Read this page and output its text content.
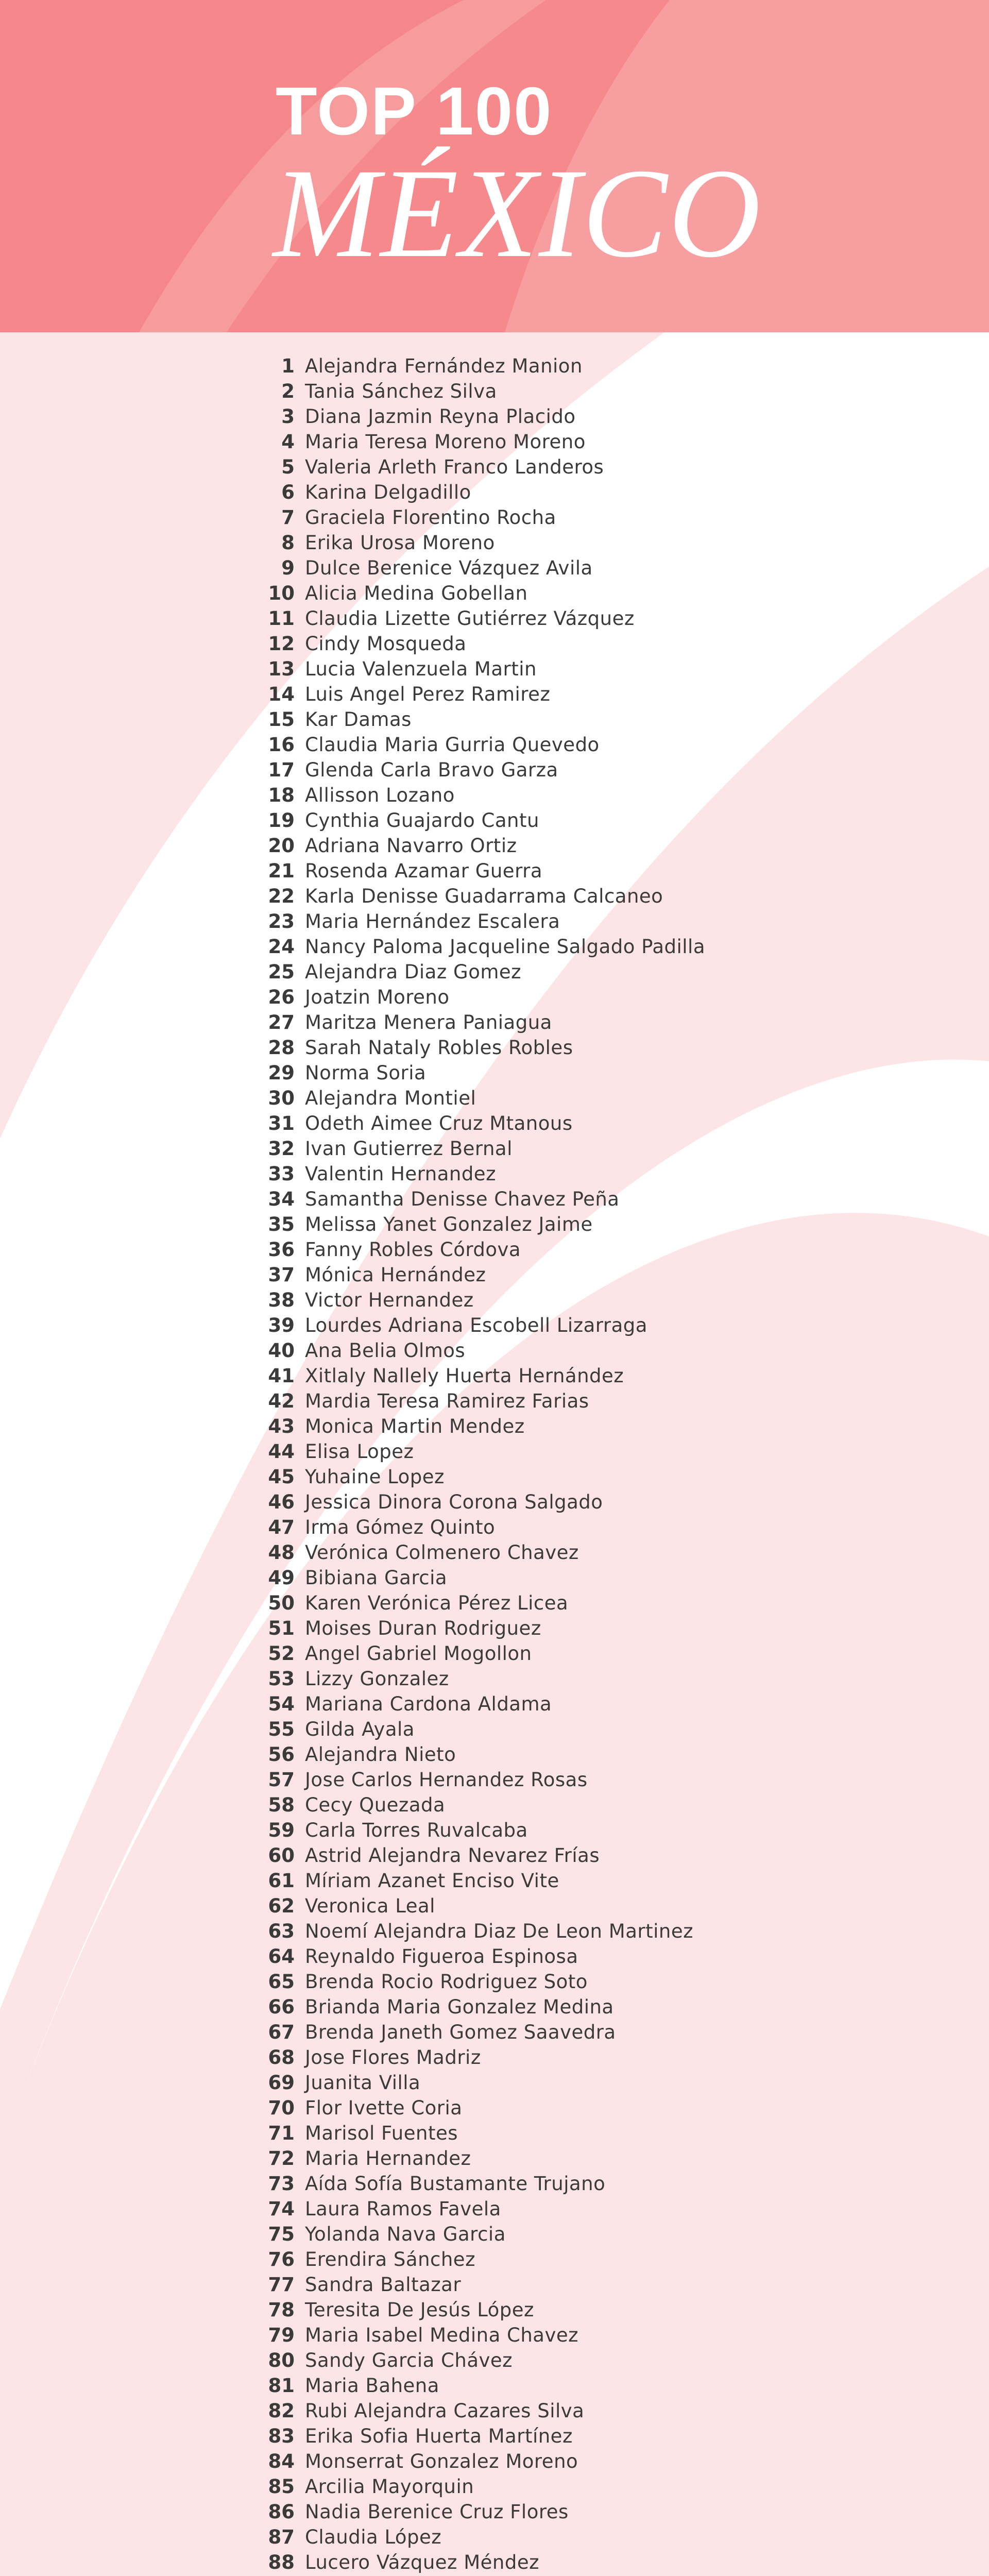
TOP 100
MÉXICO
1 Alejandra Fernández Manion
2 Tania Sánchez Silva
3 Diana Jazmin Reyna Placido
4 Maria Teresa Moreno Moreno
5 Valeria Arleth Franco Landeros
6 Karina Delgadillo
7 Graciela Florentino Rocha
8 Erika Urosa Moreno
9 Dulce Berenice Vázquez Avila
10 Alicia Medina Gobellan
11 Claudia Lizette Gutiérrez Vázquez
12 Cindy Mosqueda
13 Lucia Valenzuela Martin
14 Luis Angel Perez Ramirez
15 Kar Damas
16 Claudia Maria Gurria Quevedo
17 Glenda Carla Bravo Garza
18 Allisson Lozano
19 Cynthia Guajardo Cantu
20 Adriana Navarro Ortiz
21 Rosenda Azamar Guerra
22 Karla Denisse Guadarrama Calcaneo
23 Maria Hernández Escalera
24 Nancy Paloma Jacqueline Salgado Padilla
25 Alejandra Diaz Gomez
26 Joatzin Moreno
27 Maritza Menera Paniagua
28 Sarah Nataly Robles Robles
29 Norma Soria
30 Alejandra Montiel
31 Odeth Aimee Cruz Mtanous
32 Ivan Gutierrez Bernal
33 Valentin Hernandez
34 Samantha Denisse Chavez Peña
35 Melissa Yanet Gonzalez Jaime
36 Fanny Robles Córdova
37 Mónica Hernández
38 Victor Hernandez
39 Lourdes Adriana Escobell Lizarraga
40 Ana Belia Olmos
41 Xitlaly Nallely Huerta Hernández
42 Mardia Teresa Ramirez Farias
43 Monica Martin Mendez
44 Elisa Lopez
45 Yuhaine Lopez
46 Jessica Dinora Corona Salgado
47 Irma Gómez Quinto
48 Verónica Colmenero Chavez
49 Bibiana Garcia
50 Karen Verónica Pérez Licea
51 Moises Duran Rodriguez
52 Angel Gabriel Mogollon
53 Lizzy Gonzalez
54 Mariana Cardona Aldama
55 Gilda Ayala
56 Alejandra Nieto
57 Jose Carlos Hernandez Rosas
58 Cecy Quezada
59 Carla Torres Ruvalcaba
60 Astrid Alejandra Nevarez Frías
61 Míriam Azanet Enciso Vite
62 Veronica Leal
63 Noemí Alejandra Diaz De Leon Martinez
64 Reynaldo Figueroa Espinosa
65 Brenda Rocio Rodriguez Soto
66 Brianda Maria Gonzalez Medina
67 Brenda Janeth Gomez Saavedra
68 Jose Flores Madriz
69 Juanita Villa
70 Flor Ivette Coria
71 Marisol Fuentes
72 Maria Hernandez
73 Aída Sofía Bustamante Trujano
74 Laura Ramos Favela
75 Yolanda Nava Garcia
76 Erendira Sánchez
77 Sandra Baltazar
78 Teresita De Jesús López
79 Maria Isabel Medina Chavez
80 Sandy Garcia Chávez
81 Maria Bahena
82 Rubi Alejandra Cazares Silva
83 Erika Sofia Huerta Martínez
84 Monserrat Gonzalez Moreno
85 Arcilia Mayorquin
86 Nadia Berenice Cruz Flores
87 Claudia López
88 Lucero Vázquez Méndez
